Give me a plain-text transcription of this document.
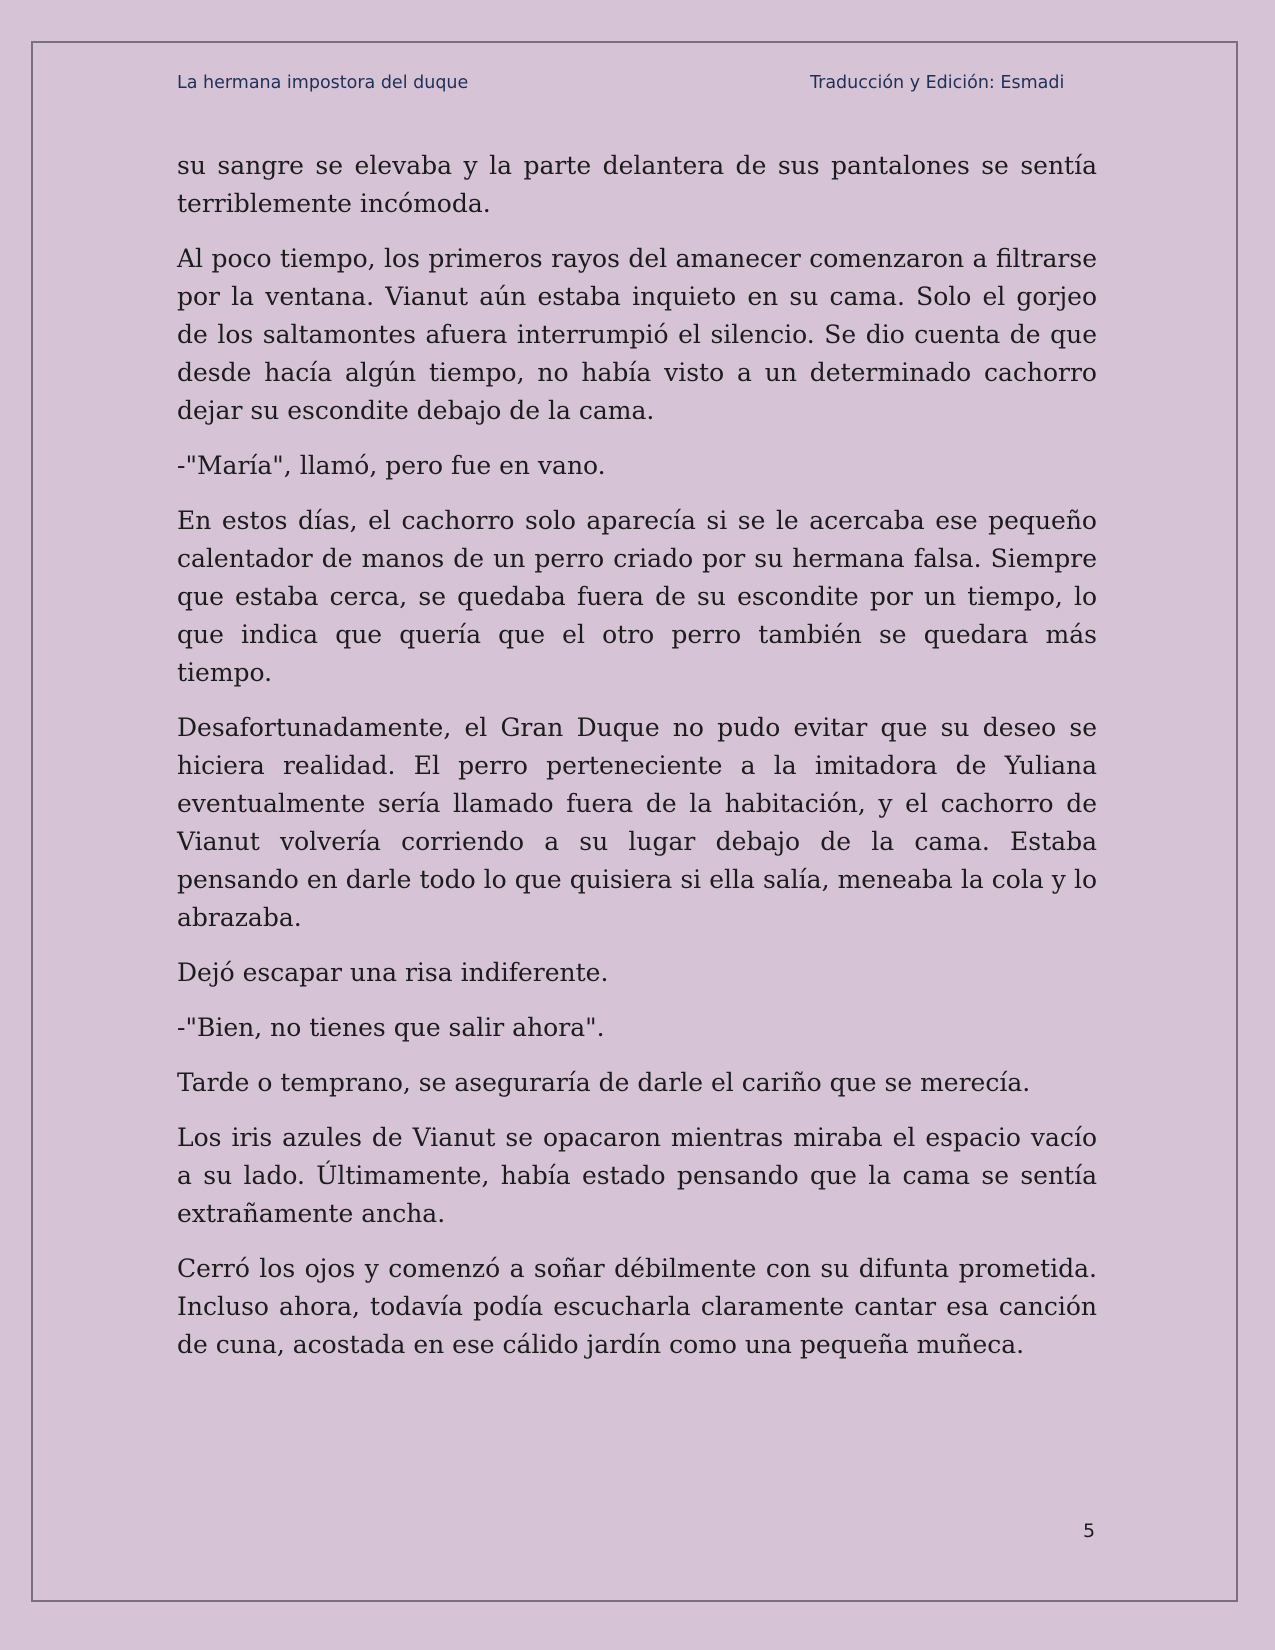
La hermana impostora del duque	Traducción y Edición: Esmadi

su sangre se elevaba y la parte delantera de sus pantalones se sentía terriblemente incómoda.

Al poco tiempo, los primeros rayos del amanecer comenzaron a filtrarse por la ventana. Vianut aún estaba inquieto en su cama. Solo el gorjeo de los saltamontes afuera interrumpió el silencio. Se dio cuenta de que desde hacía algún tiempo, no había visto a un determinado cachorro dejar su escondite debajo de la cama.

-"María", llamó, pero fue en vano.

En estos días, el cachorro solo aparecía si se le acercaba ese pequeño calentador de manos de un perro criado por su hermana falsa. Siempre que estaba cerca, se quedaba fuera de su escondite por un tiempo, lo que indica que quería que el otro perro también se quedara más tiempo.

Desafortunadamente, el Gran Duque no pudo evitar que su deseo se hiciera realidad. El perro perteneciente a la imitadora de Yuliana eventualmente sería llamado fuera de la habitación, y el cachorro de Vianut volvería corriendo a su lugar debajo de la cama. Estaba pensando en darle todo lo que quisiera si ella salía, meneaba la cola y lo abrazaba.

Dejó escapar una risa indiferente.

-"Bien, no tienes que salir ahora".

Tarde o temprano, se aseguraría de darle el cariño que se merecía.

Los iris azules de Vianut se opacaron mientras miraba el espacio vacío a su lado. Últimamente, había estado pensando que la cama se sentía extrañamente ancha.

Cerró los ojos y comenzó a soñar débilmente con su difunta prometida. Incluso ahora, todavía podía escucharla claramente cantar esa canción de cuna, acostada en ese cálido jardín como una pequeña muñeca.

5
